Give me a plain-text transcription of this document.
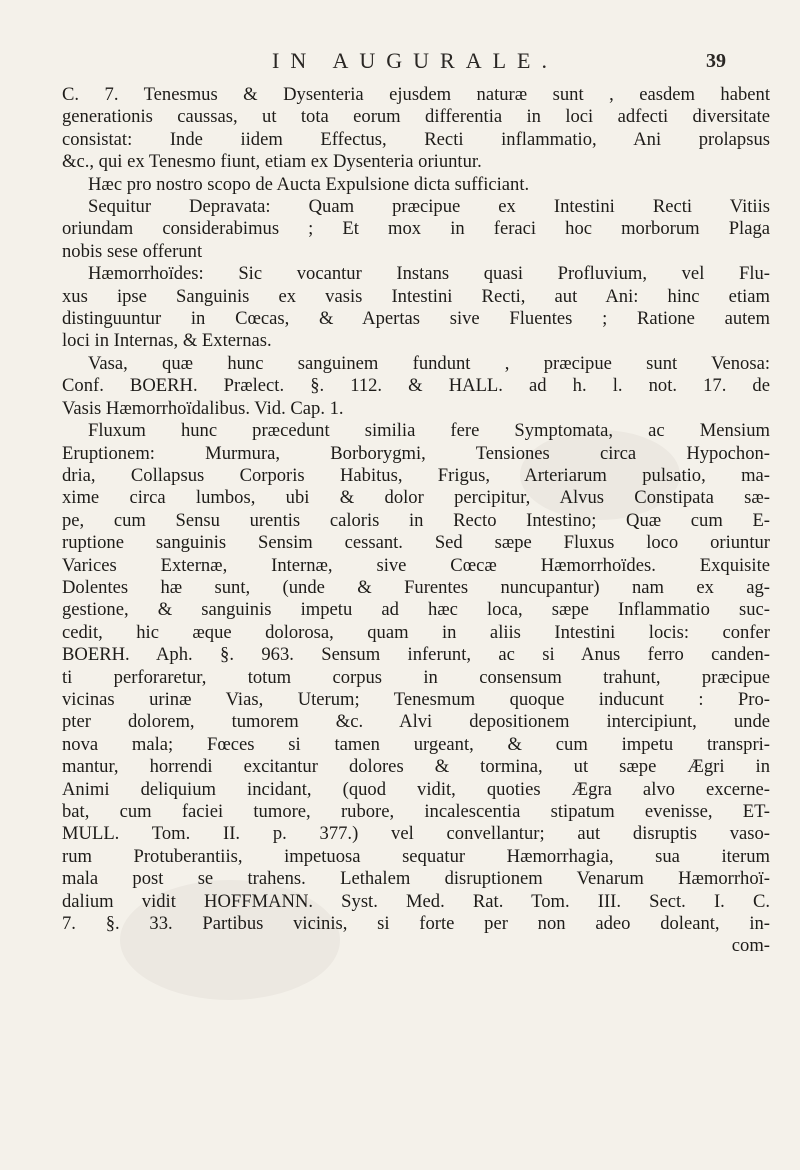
IN AUGURALE.	39
C. 7. Tenesmus & Dysenteria ejusdem naturæ sunt , easdem habent
generationis caussas, ut tota eorum differentia in loci adfecti diversitate
consistat: Inde iidem Effectus, Recti inflammatio, Ani prolapsus
&c., qui ex Tenesmo fiunt, etiam ex Dysenteria oriuntur.
Hæc pro nostro scopo de Aucta Expulsione dicta sufficiant.
Sequitur Depravata: Quam præcipue ex Intestini Recti Vitiis
oriundam considerabimus ; Et mox in feraci hoc morborum Plaga
nobis sese offerunt
Hæmorrhoïdes: Sic vocantur Instans quasi Profluvium, vel Flu-
xus ipse Sanguinis ex vasis Intestini Recti, aut Ani: hinc etiam
distinguuntur in Cœcas, & Apertas sive Fluentes ; Ratione autem
loci in Internas, & Externas.
Vasa, quæ hunc sanguinem fundunt , præcipue sunt Venosa:
Conf. BOERH. Prælect. §. 112. & HALL. ad h. l. not. 17. de
Vasis Hæmorrhoïdalibus. Vid. Cap. 1.
Fluxum hunc præcedunt similia fere Symptomata, ac Mensium
Eruptionem: Murmura, Borborygmi, Tensiones circa Hypochon-
dria, Collapsus Corporis Habitus, Frigus, Arteriarum pulsatio, ma-
xime circa lumbos, ubi & dolor percipitur, Alvus Constipata sæ-
pe, cum Sensu urentis caloris in Recto Intestino; Quæ cum E-
ruptione sanguinis Sensim cessant. Sed sæpe Fluxus loco oriuntur
Varices Externæ, Internæ, sive Cœcæ Hæmorrhoïdes. Exquisite
Dolentes hæ sunt, (unde & Furentes nuncupantur) nam ex ag-
gestione, & sanguinis impetu ad hæc loca, sæpe Inflammatio suc-
cedit, hic æque dolorosa, quam in aliis Intestini locis: confer
BOERH. Aph. §. 963. Sensum inferunt, ac si Anus ferro canden-
ti perforaretur, totum corpus in consensum trahunt, præcipue
vicinas urinæ Vias, Uterum; Tenesmum quoque inducunt : Pro-
pter dolorem, tumorem &c. Alvi depositionem intercipiunt, unde
nova mala; Fœces si tamen urgeant, & cum impetu transpri-
mantur, horrendi excitantur dolores & tormina, ut sæpe Ægri in
Animi deliquium incidant, (quod vidit, quoties Ægra alvo excerne-
bat, cum faciei tumore, rubore, incalescentia stipatum evenisse, ET-
MULL. Tom. II. p. 377.) vel convellantur; aut disruptis vaso-
rum Protuberantiis, impetuosa sequatur Hæmorrhagia, sua iterum
mala post se trahens. Lethalem disruptionem Venarum Hæmorrhoï-
dalium vidit HOFFMANN. Syst. Med. Rat. Tom. III. Sect. I. C.
7. §. 33. Partibus vicinis, si forte per non adeo doleant, in-
com-
